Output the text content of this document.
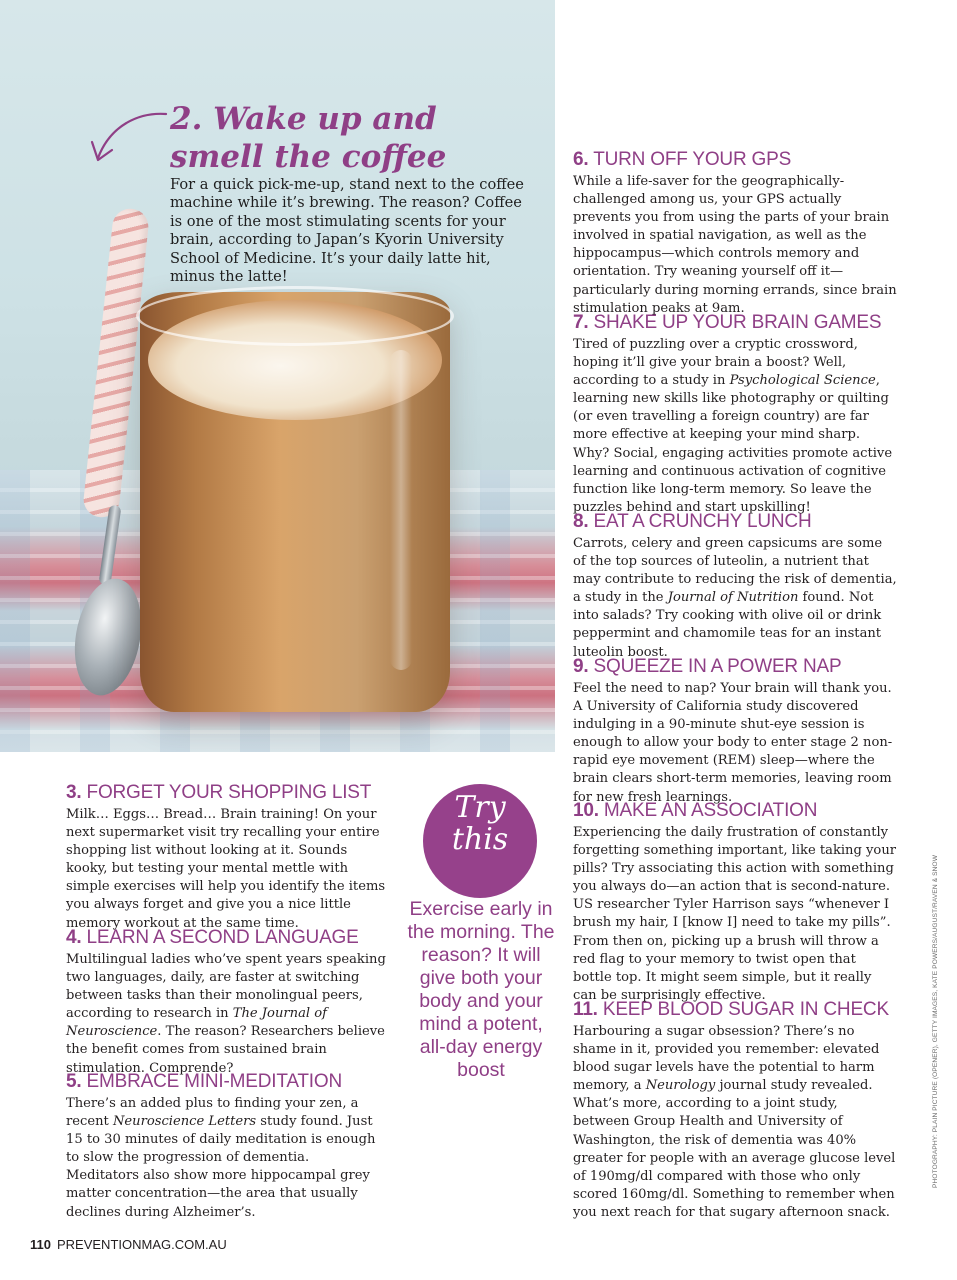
2. Wake up and
smell the coffee

For a quick pick-me-up, stand next to the coffee machine while it’s brewing. The reason? Coffee is one of the most stimulating scents for your brain, according to Japan’s Kyorin University School of Medicine. It’s your daily latte hit, minus the latte!

3. FORGET YOUR SHOPPING LIST

Milk… Eggs… Bread… Brain training! On your next supermarket visit try recalling your entire shopping list without looking at it. Sounds kooky, but testing your mental mettle with simple exercises will help you identify the items you always forget and give you a nice little memory workout at the same time.

4. LEARN A SECOND LANGUAGE

Multilingual ladies who’ve spent years speaking two languages, daily, are faster at switching between tasks than their monolingual peers, according to research in The Journal of Neuroscience. The reason? Researchers believe the benefit comes from sustained brain stimulation. Comprende?

5. EMBRACE MINI-MEDITATION

There’s an added plus to finding your zen, a recent Neuroscience Letters study found. Just 15 to 30 minutes of daily meditation is enough to slow the progression of dementia. Meditators also show more hippocampal grey matter concentration—the area that usually declines during Alzheimer’s.

Try
this

Exercise early in the morning. The reason? It will give both your body and your mind a potent, all-day energy boost

6. TURN OFF YOUR GPS

While a life-saver for the geographically-challenged among us, your GPS actually prevents you from using the parts of your brain involved in spatial navigation, as well as the hippocampus—which controls memory and orientation. Try weaning yourself off it—particularly during morning errands, since brain stimulation peaks at 9am.

7. SHAKE UP YOUR BRAIN GAMES

Tired of puzzling over a cryptic crossword, hoping it’ll give your brain a boost? Well, according to a study in Psychological Science, learning new skills like photography or quilting (or even travelling a foreign country) are far more effective at keeping your mind sharp. Why? Social, engaging activities promote active learning and continuous activation of cognitive function like long-term memory. So leave the puzzles behind and start upskilling!

8. EAT A CRUNCHY LUNCH

Carrots, celery and green capsicums are some of the top sources of luteolin, a nutrient that may contribute to reducing the risk of dementia, a study in the Journal of Nutrition found. Not into salads? Try cooking with olive oil or drink peppermint and chamomile teas for an instant luteolin boost.

9. SQUEEZE IN A POWER NAP

Feel the need to nap? Your brain will thank you. A University of California study discovered indulging in a 90-minute shut-eye session is enough to allow your body to enter stage 2 non-rapid eye movement (REM) sleep—where the brain clears short-term memories, leaving room for new fresh learnings.

10. MAKE AN ASSOCIATION

Experiencing the daily frustration of constantly forgetting something important, like taking your pills? Try associating this action with something you always do—an action that is second-nature. US researcher Tyler Harrison says “whenever I brush my hair, I [know I] need to take my pills”. From then on, picking up a brush will throw a red flag to your memory to twist open that bottle top. It might seem simple, but it really can be surprisingly effective.

11. KEEP BLOOD SUGAR IN CHECK

Harbouring a sugar obsession? There’s no shame in it, provided you remember: elevated blood sugar levels have the potential to harm memory, a Neurology journal study revealed. What’s more, according to a joint study, between Group Health and University of Washington, the risk of dementia was 40% greater for people with an average glucose level of 190mg/dl compared with those who only scored 160mg/dl. Something to remember when you next reach for that sugary afternoon snack.

110 PREVENTIONMAG.COM.AU
PHOTOGRAPHY: PLAIN PICTURE (OPENER), GETTY IMAGES, KATE POWERS/AUGUST/RAVEN & SNOW
